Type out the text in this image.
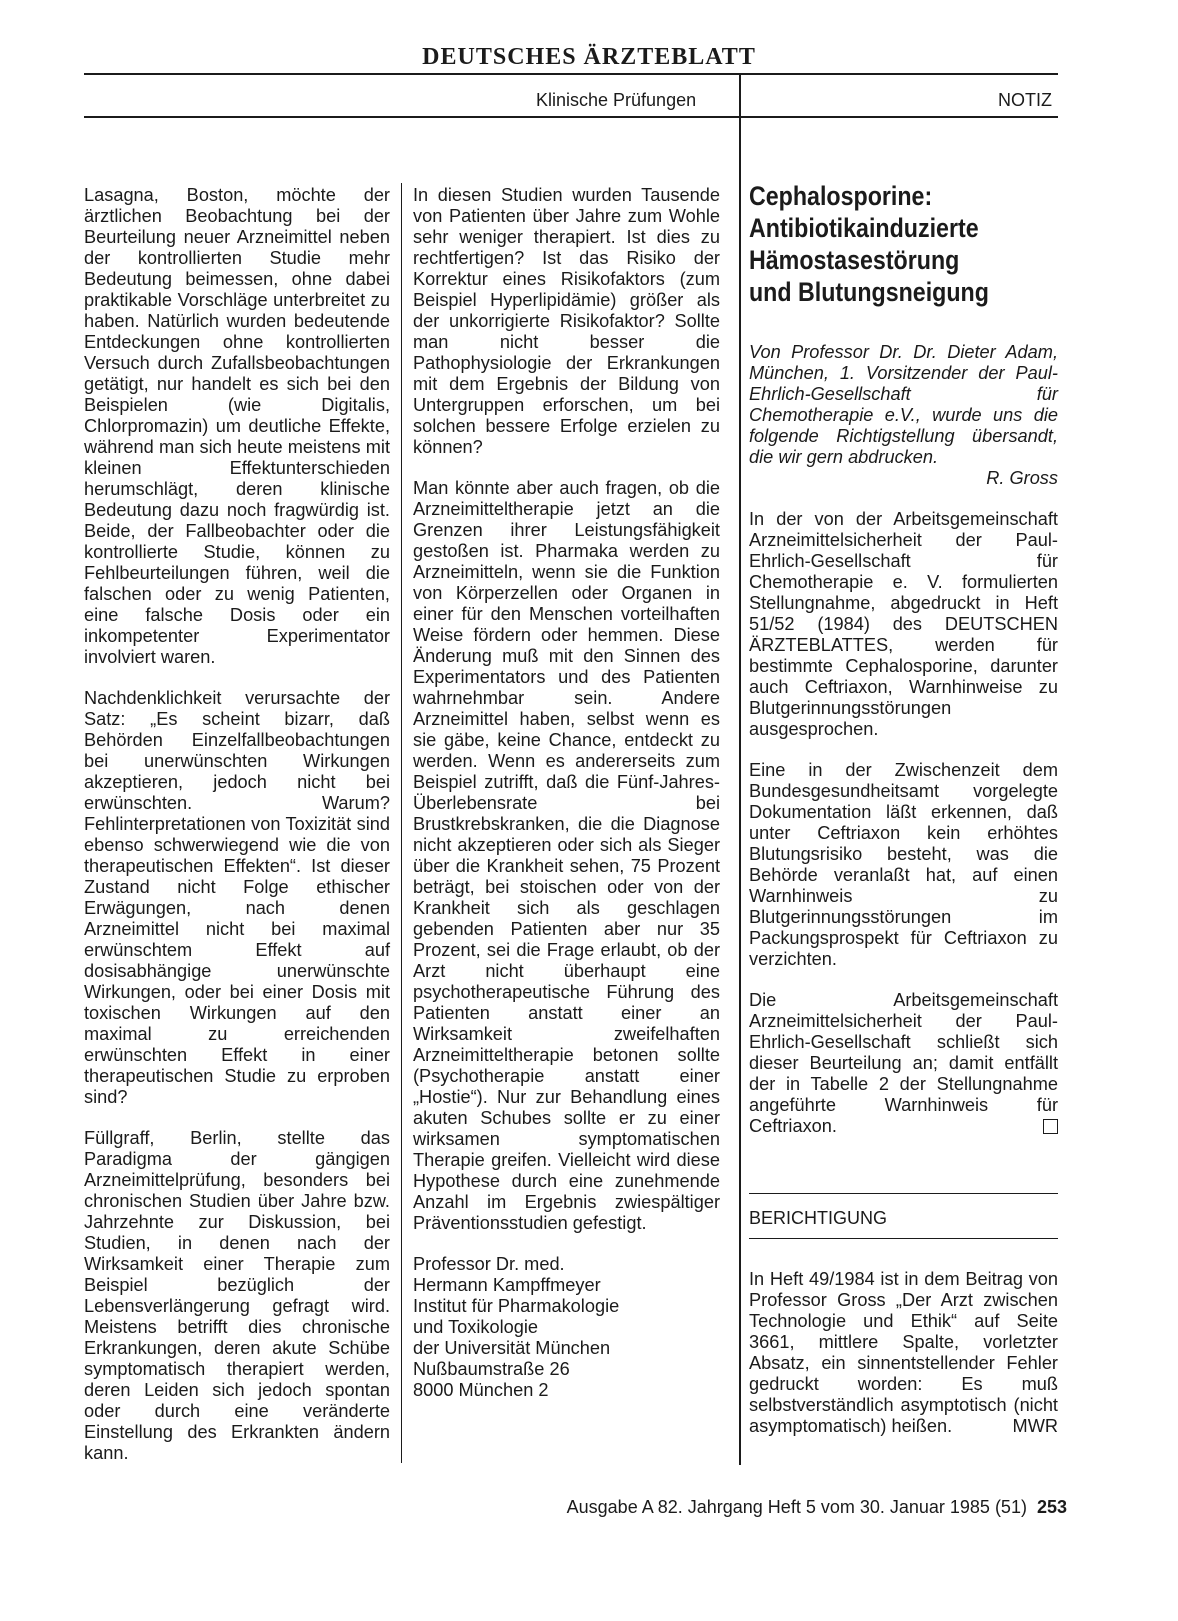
DEUTSCHES ÄRZTEBLATT
Klinische Prüfungen	NOTIZ

Lasagna, Boston, möchte der ärztlichen Beobachtung bei der Beurteilung neuer Arzneimittel neben der kontrollierten Studie mehr Bedeutung beimessen, ohne dabei praktikable Vorschläge unterbreitet zu haben. Natürlich wurden bedeutende Entdeckungen ohne kontrollierten Versuch durch Zufallsbeobachtungen getätigt, nur handelt es sich bei den Beispielen (wie Digitalis, Chlorpromazin) um deutliche Effekte, während man sich heute meistens mit kleinen Effektunterschieden herumschlägt, deren klinische Bedeutung dazu noch fragwürdig ist. Beide, der Fallbeobachter oder die kontrollierte Studie, können zu Fehlbeurteilungen führen, weil die falschen oder zu wenig Patienten, eine falsche Dosis oder ein inkompetenter Experimentator involviert waren.

Nachdenklichkeit verursachte der Satz: „Es scheint bizarr, daß Behörden Einzelfallbeobachtungen bei unerwünschten Wirkungen akzeptieren, jedoch nicht bei erwünschten. Warum? Fehlinterpretationen von Toxizität sind ebenso schwerwiegend wie die von therapeutischen Effekten“. Ist dieser Zustand nicht Folge ethischer Erwägungen, nach denen Arzneimittel nicht bei maximal erwünschtem Effekt auf dosisabhängige unerwünschte Wirkungen, oder bei einer Dosis mit toxischen Wirkungen auf den maximal zu erreichenden erwünschten Effekt in einer therapeutischen Studie zu erproben sind?

Füllgraff, Berlin, stellte das Paradigma der gängigen Arzneimittelprüfung, besonders bei chronischen Studien über Jahre bzw. Jahrzehnte zur Diskussion, bei Studien, in denen nach der Wirksamkeit einer Therapie zum Beispiel bezüglich der Lebensverlängerung gefragt wird. Meistens betrifft dies chronische Erkrankungen, deren akute Schübe symptomatisch therapiert werden, deren Leiden sich jedoch spontan oder durch eine veränderte Einstellung des Erkrankten ändern kann.

In diesen Studien wurden Tausende von Patienten über Jahre zum Wohle sehr weniger therapiert. Ist dies zu rechtfertigen? Ist das Risiko der Korrektur eines Risikofaktors (zum Beispiel Hyperlipidämie) größer als der unkorrigierte Risikofaktor? Sollte man nicht besser die Pathophysiologie der Erkrankungen mit dem Ergebnis der Bildung von Untergruppen erforschen, um bei solchen bessere Erfolge erzielen zu können?

Man könnte aber auch fragen, ob die Arzneimitteltherapie jetzt an die Grenzen ihrer Leistungsfähigkeit gestoßen ist. Pharmaka werden zu Arzneimitteln, wenn sie die Funktion von Körperzellen oder Organen in einer für den Menschen vorteilhaften Weise fördern oder hemmen. Diese Änderung muß mit den Sinnen des Experimentators und des Patienten wahrnehmbar sein. Andere Arzneimittel haben, selbst wenn es sie gäbe, keine Chance, entdeckt zu werden. Wenn es andererseits zum Beispiel zutrifft, daß die Fünf-Jahres-Überlebensrate bei Brustkrebskranken, die die Diagnose nicht akzeptieren oder sich als Sieger über die Krankheit sehen, 75 Prozent beträgt, bei stoischen oder von der Krankheit sich als geschlagen gebenden Patienten aber nur 35 Prozent, sei die Frage erlaubt, ob der Arzt nicht überhaupt eine psychotherapeutische Führung des Patienten anstatt einer an Wirksamkeit zweifelhaften Arzneimitteltherapie betonen sollte (Psychotherapie anstatt einer „Hostie“). Nur zur Behandlung eines akuten Schubes sollte er zu einer wirksamen symptomatischen Therapie greifen. Vielleicht wird diese Hypothese durch eine zunehmende Anzahl im Ergebnis zwiespältiger Präventionsstudien gefestigt.

Professor Dr. med.
Hermann Kampffmeyer
Institut für Pharmakologie
und Toxikologie
der Universität München
Nußbaumstraße 26
8000 München 2
Cephalosporine:
Antibiotikainduzierte
Hämostasestörung
und Blutungsneigung
Von Professor Dr. Dr. Dieter Adam, München, 1. Vorsitzender der Paul-Ehrlich-Gesellschaft für Chemotherapie e.V., wurde uns die folgende Richtigstellung übersandt, die wir gern abdrucken.
R. Gross

In der von der Arbeitsgemeinschaft Arzneimittelsicherheit der Paul-Ehrlich-Gesellschaft für Chemotherapie e. V. formulierten Stellungnahme, abgedruckt in Heft 51/52 (1984) des DEUTSCHEN ÄRZTEBLATTES, werden für bestimmte Cephalosporine, darunter auch Ceftriaxon, Warnhinweise zu Blutgerinnungsstörungen ausgesprochen.

Eine in der Zwischenzeit dem Bundesgesundheitsamt vorgelegte Dokumentation läßt erkennen, daß unter Ceftriaxon kein erhöhtes Blutungsrisiko besteht, was die Behörde veranlaßt hat, auf einen Warnhinweis zu Blutgerinnungsstörungen im Packungsprospekt für Ceftriaxon zu verzichten.

Die Arbeitsgemeinschaft Arzneimittelsicherheit der Paul-Ehrlich-Gesellschaft schließt sich dieser Beurteilung an; damit entfällt der in Tabelle 2 der Stellungnahme angeführte Warnhinweis für Ceftriaxon.

BERICHTIGUNG

In Heft 49/1984 ist in dem Beitrag von Professor Gross „Der Arzt zwischen Technologie und Ethik“ auf Seite 3661, mittlere Spalte, vorletzter Absatz, ein sinnentstellender Fehler gedruckt worden: Es muß selbstverständlich asymptotisch (nicht asymptomatisch) heißen.	MWR

Ausgabe A 82. Jahrgang Heft 5 vom 30. Januar 1985 (51) 253
